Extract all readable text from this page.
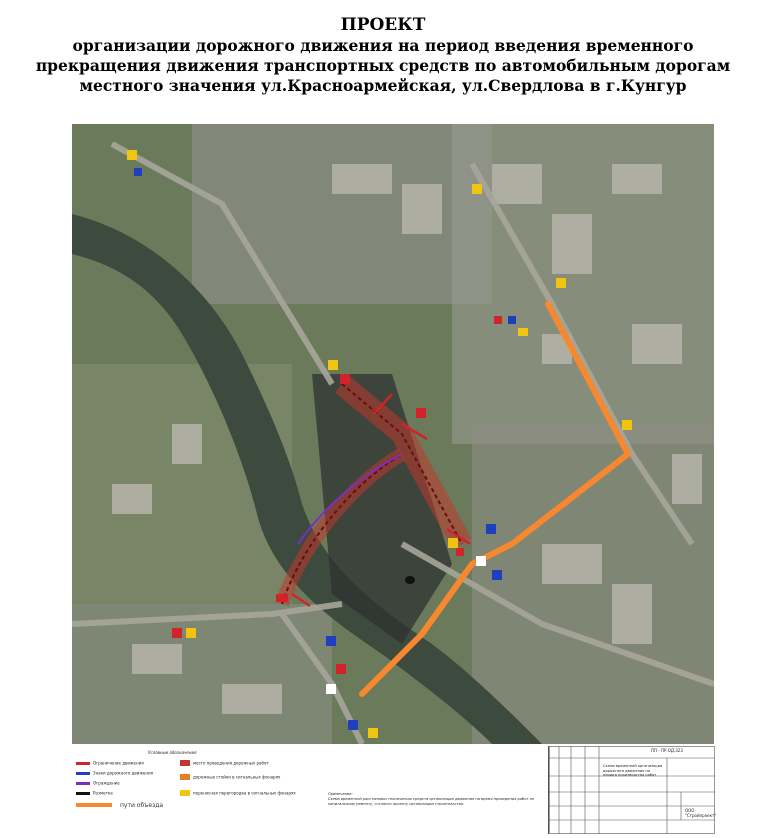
ПРОЕКТ
организации дорожного движения на период введения временного
прекращения движения транспортных средств по автомобильным дорогам
местного значения ул.Красноармейская, ул.Свердлова в г.Кунгур
Условные обозначения
Ограничение движения
Знаки дорожного движения
Ограждение
Разметка
пути объезда
место проведения дорожных работ
дорожные стойки в сигнальных фонарях
переносная перегородка в сигнальных фонарях	Примечание:
Схема временной расстановки технических средств организации движения на время проведения работ по капитальному ремонту, согласно проекту организации строительства.
ПП - ПР.ОД.323
Схема временной организации дорожного движения на период производства работ
ООО "Стройпроект"
